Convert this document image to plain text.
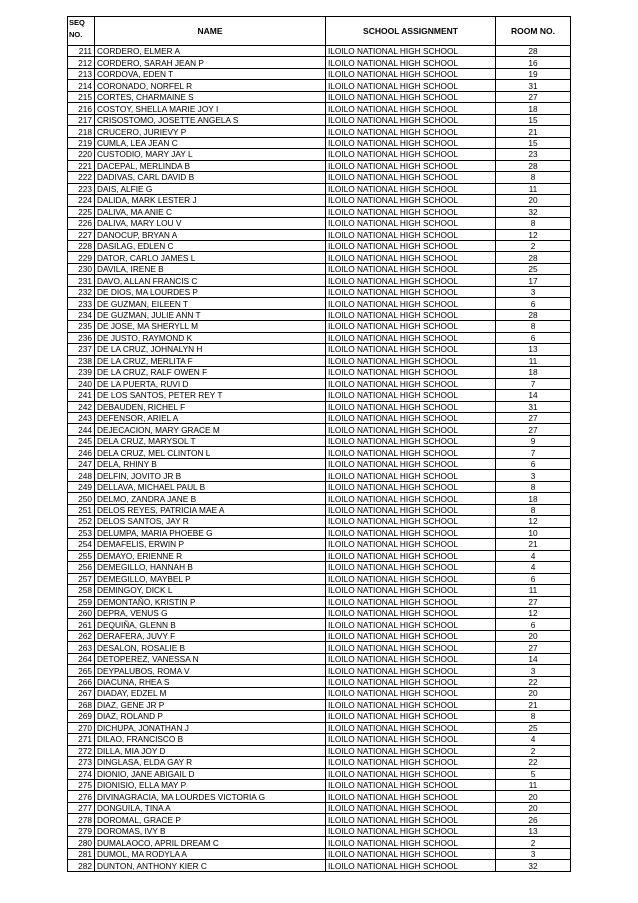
SEQ
NO.	NAME	SCHOOL ASSIGNMENT	ROOM NO.
211	CORDERO, ELMER A	ILOILO NATIONAL HIGH SCHOOL	28
212	CORDERO, SARAH JEAN P	ILOILO NATIONAL HIGH SCHOOL	16
213	CORDOVA, EDEN T	ILOILO NATIONAL HIGH SCHOOL	19
214	CORONADO, NORFEL R	ILOILO NATIONAL HIGH SCHOOL	31
215	CORTES, CHARMAINE S	ILOILO NATIONAL HIGH SCHOOL	27
216	COSTOY, SHELLA MARIE JOY I	ILOILO NATIONAL HIGH SCHOOL	18
217	CRISOSTOMO, JOSETTE ANGELA S	ILOILO NATIONAL HIGH SCHOOL	15
218	CRUCERO, JURIEVY P	ILOILO NATIONAL HIGH SCHOOL	21
219	CUMLA, LEA JEAN C	ILOILO NATIONAL HIGH SCHOOL	15
220	CUSTODIO, MARY JAY L	ILOILO NATIONAL HIGH SCHOOL	23
221	DACEPAL, MERLINDA B	ILOILO NATIONAL HIGH SCHOOL	28
222	DADIVAS, CARL DAVID B	ILOILO NATIONAL HIGH SCHOOL	8
223	DAIS, ALFIE G	ILOILO NATIONAL HIGH SCHOOL	11
224	DALIDA, MARK LESTER J	ILOILO NATIONAL HIGH SCHOOL	20
225	DALIVA, MA ANIE C	ILOILO NATIONAL HIGH SCHOOL	32
226	DALIVA, MARY LOU V	ILOILO NATIONAL HIGH SCHOOL	8
227	DANOCUP, BRYAN A	ILOILO NATIONAL HIGH SCHOOL	12
228	DASILAG, EDLEN C	ILOILO NATIONAL HIGH SCHOOL	2
229	DATOR, CARLO JAMES L	ILOILO NATIONAL HIGH SCHOOL	28
230	DAVILA, IRENE B	ILOILO NATIONAL HIGH SCHOOL	25
231	DAVO, ALLAN FRANCIS C	ILOILO NATIONAL HIGH SCHOOL	17
232	DE DIOS, MA LOURDES P	ILOILO NATIONAL HIGH SCHOOL	3
233	DE GUZMAN, EILEEN T	ILOILO NATIONAL HIGH SCHOOL	6
234	DE GUZMAN, JULIE ANN T	ILOILO NATIONAL HIGH SCHOOL	28
235	DE JOSE, MA SHERYLL M	ILOILO NATIONAL HIGH SCHOOL	8
236	DE JUSTO, RAYMOND K	ILOILO NATIONAL HIGH SCHOOL	6
237	DE LA CRUZ, JOHNALYN H	ILOILO NATIONAL HIGH SCHOOL	13
238	DE LA CRUZ, MERLITA F	ILOILO NATIONAL HIGH SCHOOL	11
239	DE LA CRUZ, RALF OWEN F	ILOILO NATIONAL HIGH SCHOOL	18
240	DE LA PUERTA, RUVI D	ILOILO NATIONAL HIGH SCHOOL	7
241	DE LOS SANTOS, PETER REY T	ILOILO NATIONAL HIGH SCHOOL	14
242	DEBAUDEN, RICHEL F	ILOILO NATIONAL HIGH SCHOOL	31
243	DEFENSOR, ARIEL A	ILOILO NATIONAL HIGH SCHOOL	27
244	DEJECACION, MARY GRACE M	ILOILO NATIONAL HIGH SCHOOL	27
245	DELA CRUZ, MARYSOL T	ILOILO NATIONAL HIGH SCHOOL	9
246	DELA CRUZ, MEL CLINTON L	ILOILO NATIONAL HIGH SCHOOL	7
247	DELA, RHINY B	ILOILO NATIONAL HIGH SCHOOL	6
248	DELFIN, JOVITO JR B	ILOILO NATIONAL HIGH SCHOOL	3
249	DELLAVA, MICHAEL PAUL B	ILOILO NATIONAL HIGH SCHOOL	8
250	DELMO, ZANDRA JANE B	ILOILO NATIONAL HIGH SCHOOL	18
251	DELOS REYES, PATRICIA MAE A	ILOILO NATIONAL HIGH SCHOOL	8
252	DELOS SANTOS, JAY R	ILOILO NATIONAL HIGH SCHOOL	12
253	DELUMPA, MARIA PHOEBE G	ILOILO NATIONAL HIGH SCHOOL	10
254	DEMAFELIS, ERWIN P	ILOILO NATIONAL HIGH SCHOOL	21
255	DEMAYO, ERIENNE R	ILOILO NATIONAL HIGH SCHOOL	4
256	DEMEGILLO, HANNAH B	ILOILO NATIONAL HIGH SCHOOL	4
257	DEMEGILLO, MAYBEL P	ILOILO NATIONAL HIGH SCHOOL	6
258	DEMINGOY, DICK L	ILOILO NATIONAL HIGH SCHOOL	11
259	DEMONTAÑO, KRISTIN P	ILOILO NATIONAL HIGH SCHOOL	27
260	DEPRA, VENUS G	ILOILO NATIONAL HIGH SCHOOL	12
261	DEQUIÑA, GLENN B	ILOILO NATIONAL HIGH SCHOOL	6
262	DERAFERA, JUVY F	ILOILO NATIONAL HIGH SCHOOL	20
263	DESALON, ROSALIE B	ILOILO NATIONAL HIGH SCHOOL	27
264	DETOPEREZ, VANESSA N	ILOILO NATIONAL HIGH SCHOOL	14
265	DEYPALUBOS, ROMA V	ILOILO NATIONAL HIGH SCHOOL	3
266	DIACUNA, RHEA S	ILOILO NATIONAL HIGH SCHOOL	22
267	DIADAY, EDZEL M	ILOILO NATIONAL HIGH SCHOOL	20
268	DIAZ, GENE JR P	ILOILO NATIONAL HIGH SCHOOL	21
269	DIAZ, ROLAND P	ILOILO NATIONAL HIGH SCHOOL	8
270	DICHUPA, JONATHAN J	ILOILO NATIONAL HIGH SCHOOL	25
271	DILAO, FRANCISCO B	ILOILO NATIONAL HIGH SCHOOL	4
272	DILLA, MIA JOY D	ILOILO NATIONAL HIGH SCHOOL	2
273	DINGLASA, ELDA GAY R	ILOILO NATIONAL HIGH SCHOOL	22
274	DIONIO, JANE ABIGAIL D	ILOILO NATIONAL HIGH SCHOOL	5
275	DIONISIO, ELLA MAY P	ILOILO NATIONAL HIGH SCHOOL	11
276	DIVINAGRACIA, MA LOURDES VICTORIA G	ILOILO NATIONAL HIGH SCHOOL	20
277	DONGUILA, TINA A	ILOILO NATIONAL HIGH SCHOOL	20
278	DOROMAL, GRACE P	ILOILO NATIONAL HIGH SCHOOL	26
279	DOROMAS, IVY B	ILOILO NATIONAL HIGH SCHOOL	13
280	DUMALAOCO, APRIL DREAM C	ILOILO NATIONAL HIGH SCHOOL	2
281	DUMOL, MA RODYLA A	ILOILO NATIONAL HIGH SCHOOL	3
282	DUNTON, ANTHONY KIER C	ILOILO NATIONAL HIGH SCHOOL	32
